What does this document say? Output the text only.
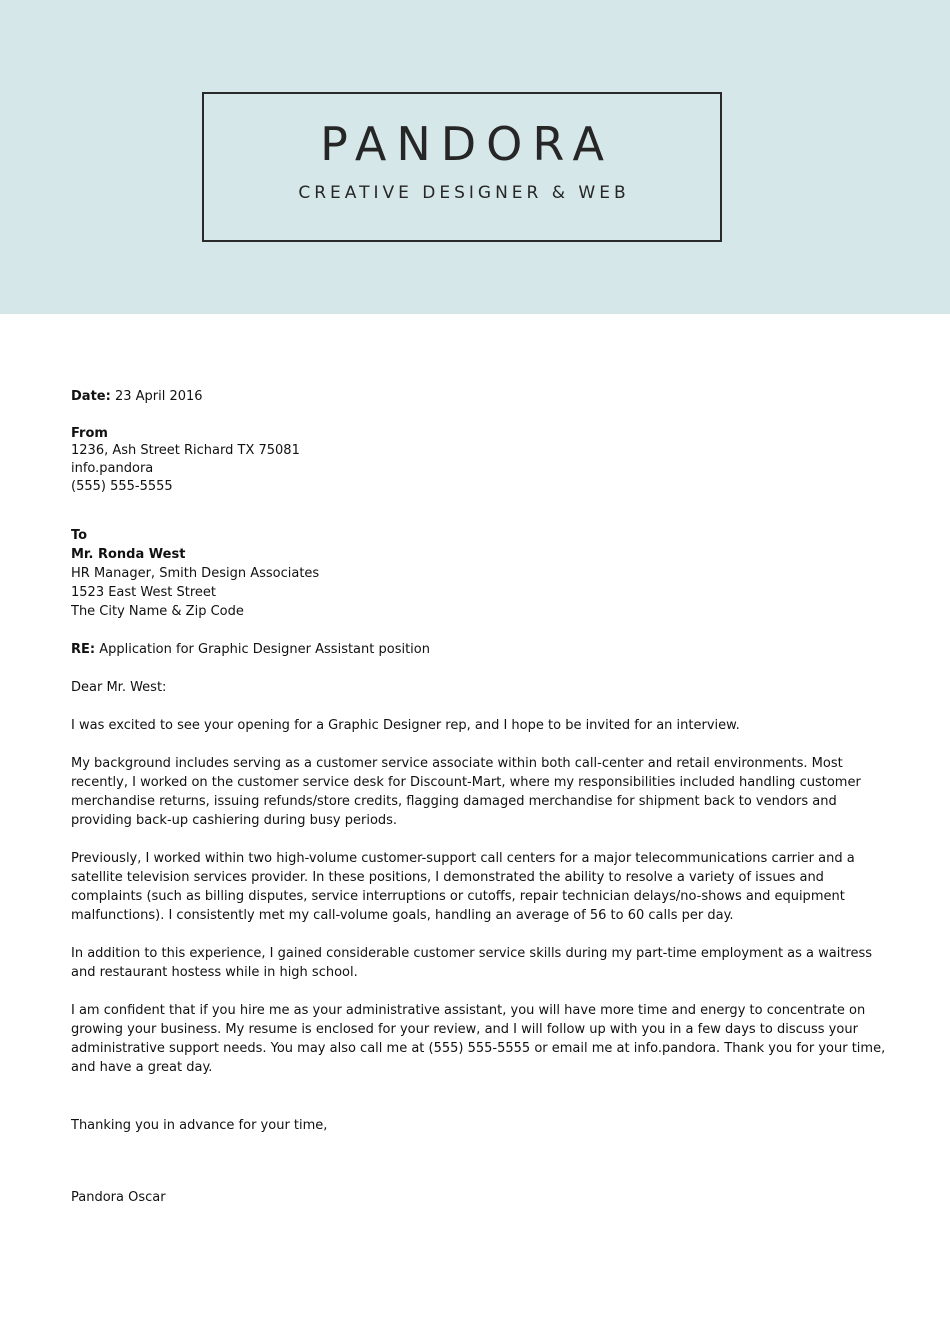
PANDORA
CREATIVE DESIGNER & WEB
Date: 23 April 2016
From
1236, Ash Street Richard TX 75081
info.pandora
(555) 555-5555
To
Mr. Ronda West
HR Manager, Smith Design Associates
1523 East West Street
The City Name & Zip Code
RE: Application for Graphic Designer Assistant position
Dear Mr. West:
I was excited to see your opening for a Graphic Designer rep, and I hope to be invited for an interview.
My background includes serving as a customer service associate within both call-center and retail environments. Most
recently, I worked on the customer service desk for Discount-Mart, where my responsibilities included handling customer
merchandise returns, issuing refunds/store credits, flagging damaged merchandise for shipment back to vendors and
providing back-up cashiering during busy periods.
Previously, I worked within two high-volume customer-support call centers for a major telecommunications carrier and a
satellite television services provider. In these positions, I demonstrated the ability to resolve a variety of issues and
complaints (such as billing disputes, service interruptions or cutoffs, repair technician delays/no-shows and equipment
malfunctions). I consistently met my call-volume goals, handling an average of 56 to 60 calls per day.
In addition to this experience, I gained considerable customer service skills during my part-time employment as a waitress
and restaurant hostess while in high school.
I am confident that if you hire me as your administrative assistant, you will have more time and energy to concentrate on
growing your business. My resume is enclosed for your review, and I will follow up with you in a few days to discuss your
administrative support needs. You may also call me at (555) 555-5555 or email me at info.pandora. Thank you for your time,
and have a great day.
Thanking you in advance for your time,
Pandora Oscar
